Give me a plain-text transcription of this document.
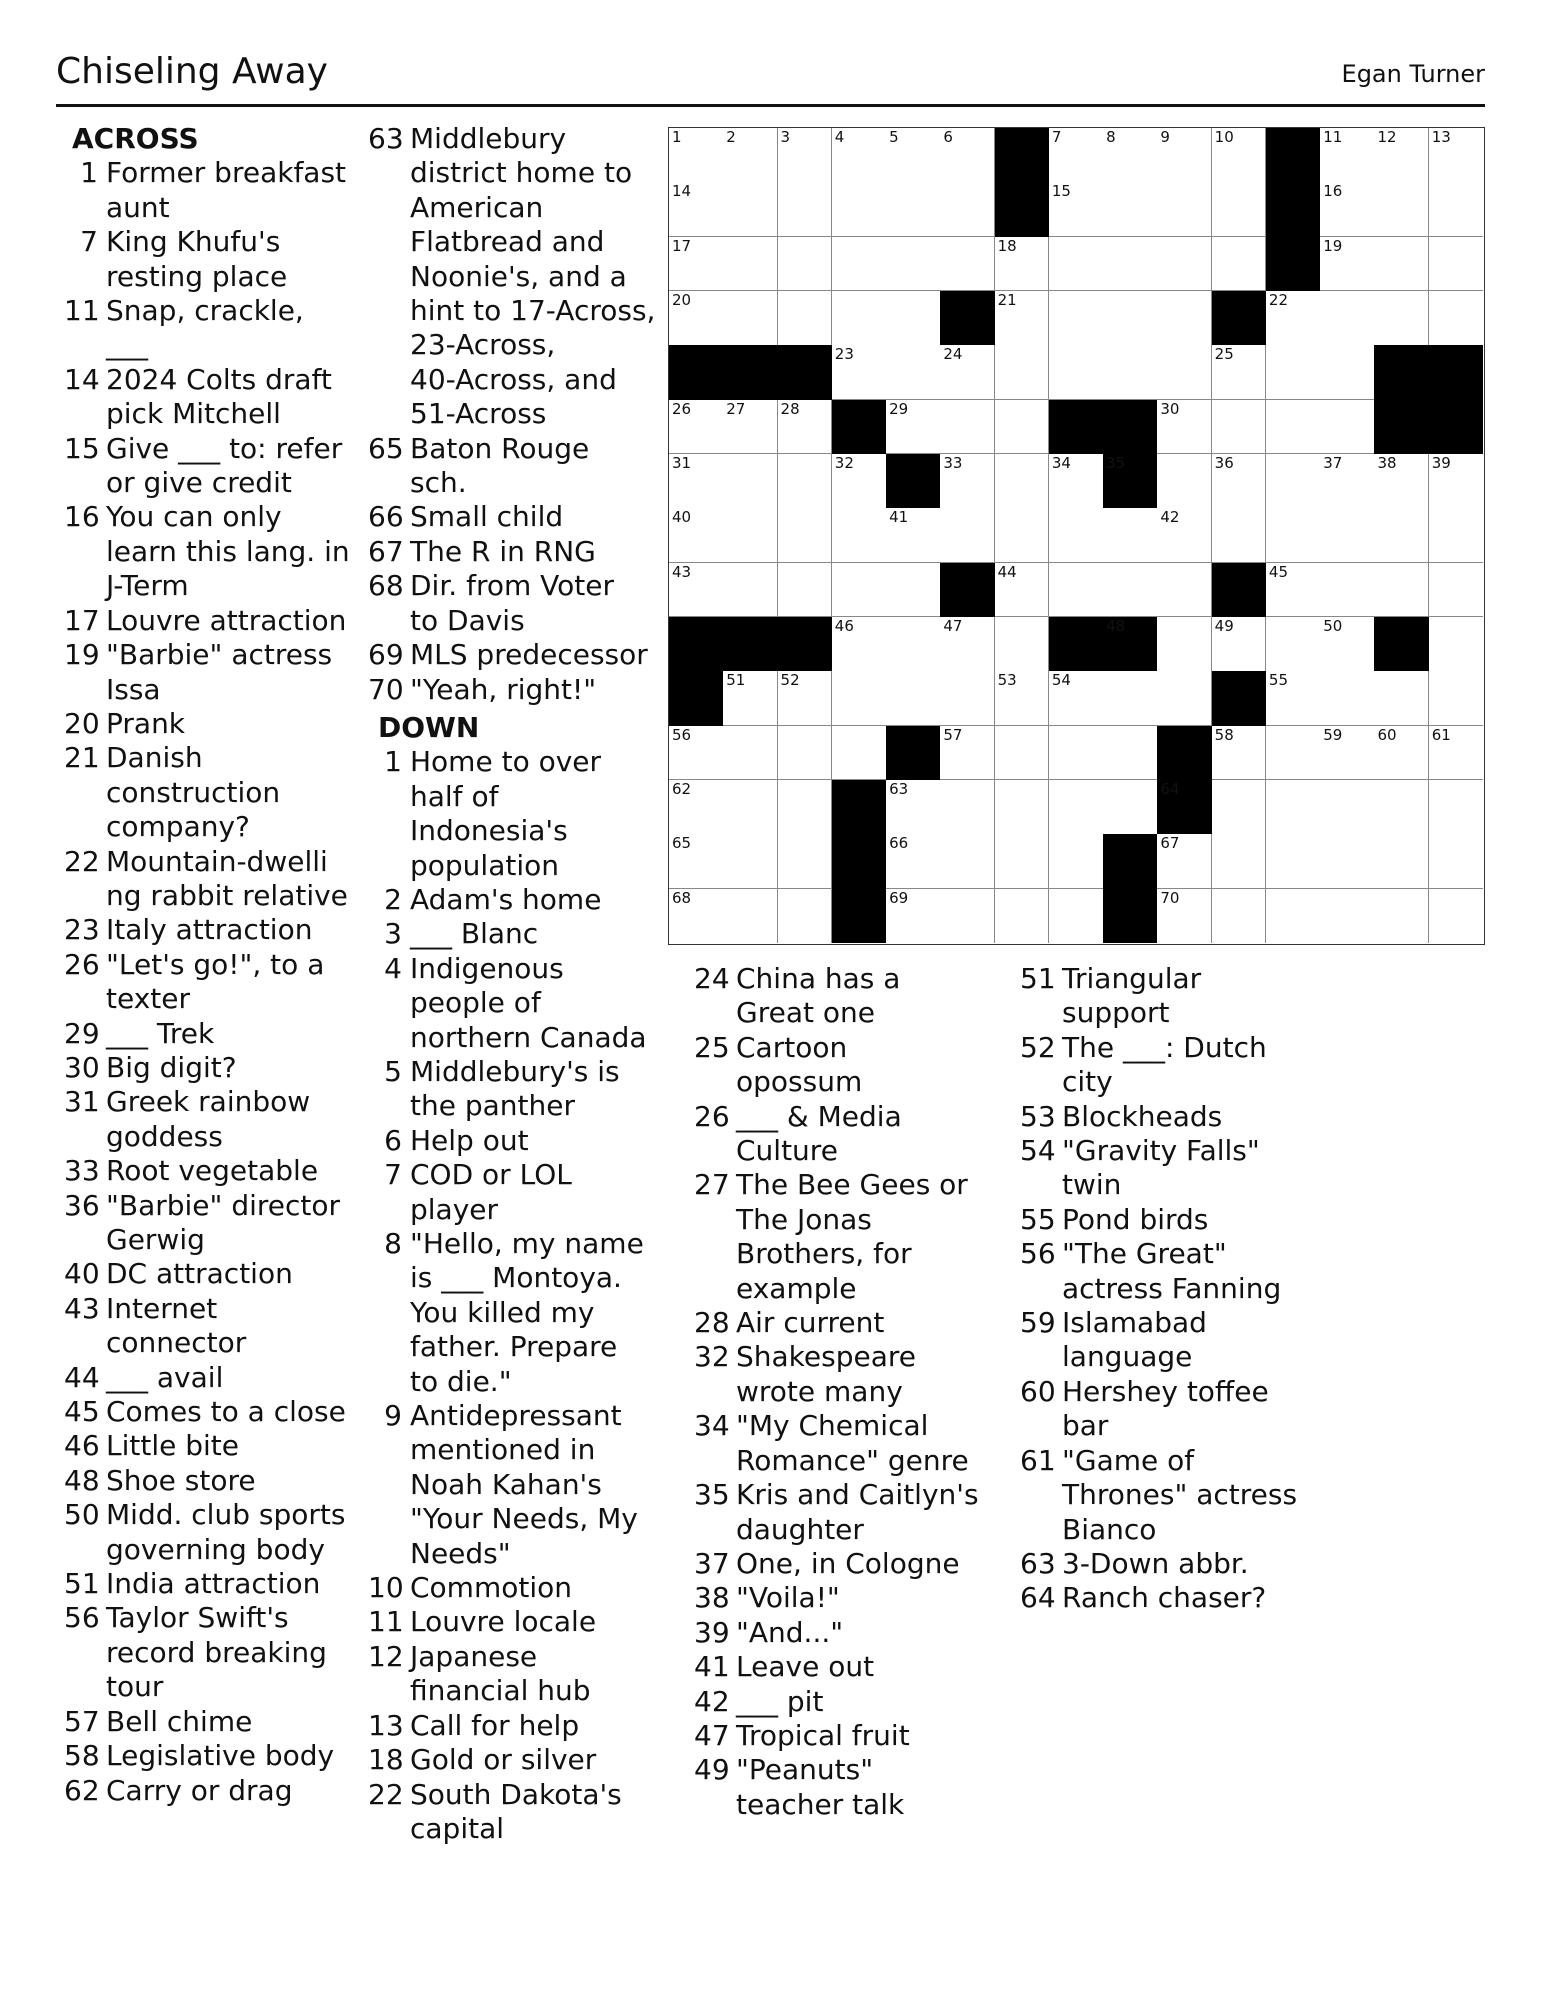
Chiseling Away	Egan Turner
ACROSS
1 Former breakfast
aunt
7 King Khufu's
resting place
11 Snap, crackle, ___
14 2024 Colts draft
pick Mitchell
15 Give ___ to: refer
or give credit
16 You can only
learn this lang. in
J-Term
17 Louvre attraction
19 "Barbie" actress
Issa
20 Prank
21 Danish
construction
company?
22 Mountain-dwelli
ng rabbit relative
23 Italy attraction
26 "Let's go!", to a
texter
29 ___ Trek
30 Big digit?
31 Greek rainbow
goddess
33 Root vegetable
36 "Barbie" director
Gerwig
40 DC attraction
43 Internet
connector
44 ___ avail
45 Comes to a close
46 Little bite
48 Shoe store
50 Midd. club sports
governing body
51 India attraction
56 Taylor Swift's
record breaking
tour
57 Bell chime
58 Legislative body
62 Carry or drag
63 Middlebury
district home to
American
Flatbread and
Noonie's, and a
hint to 17-Across,
23-Across,
40-Across, and
51-Across
65 Baton Rouge
sch.
66 Small child
67 The R in RNG
68 Dir. from Voter
to Davis
69 MLS predecessor
70 "Yeah, right!"
DOWN
1 Home to over
half of
Indonesia's
population
2 Adam's home
3 ___ Blanc
4 Indigenous
people of
northern Canada
5 Middlebury's is
the panther
6 Help out
7 COD or LOL
player
8 "Hello, my name
is ___ Montoya.
You killed my
father. Prepare
to die."
9 Antidepressant
mentioned in
Noah Kahan's
"Your Needs, My
Needs"
10 Commotion
11 Louvre locale
12 Japanese
financial hub
13 Call for help
18 Gold or silver
22 South Dakota's
capital
24 China has a
Great one
25 Cartoon
opossum
26 ___ & Media
Culture
27 The Bee Gees or
The Jonas
Brothers, for
example
28 Air current
32 Shakespeare
wrote many
34 "My Chemical
Romance" genre
35 Kris and Caitlyn's
daughter
37 One, in Cologne
38 "Voila!"
39 "And..."
41 Leave out
42 ___ pit
47 Tropical fruit
49 "Peanuts"
teacher talk
51 Triangular
support
52 The ___: Dutch
city
53 Blockheads
54 "Gravity Falls"
twin
55 Pond birds
56 "The Great"
actress Fanning
59 Islamabad
language
60 Hershey toffee
bar
61 "Game of
Thrones" actress
Bianco
63 3-Down abbr.
64 Ranch chaser?
1	2	3	4	5	6	7	8	9	10	11 12 13
14	15	16
17	18	19
20	21	22
23	24	25
26 27 28	29	30
31	32	33	34 35	36	37 38 39
40	41	42
43	44	45
46	47	48	49	50
51 52	53 54	55
56	57	58	59 60 61
62	63	64
65	66	67
68	69	70
